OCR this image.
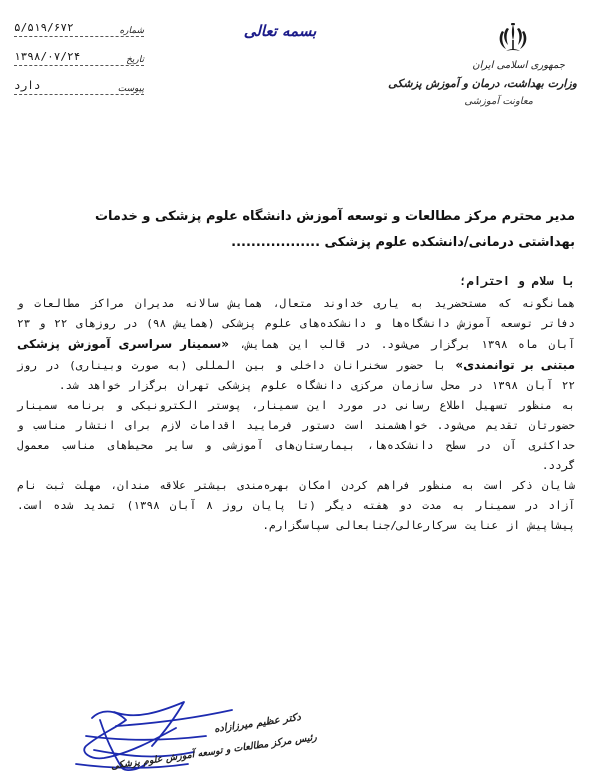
شماره
۵/۵۱۹/۶۷۲
تاریخ
۱۳۹۸/۰۷/۲۴
پیوست
دارد
بسمه تعالی
جمهوری اسلامی ایران
وزارت بهداشت، درمان و آموزش پزشکی
معاونت آموزشی
مدیر محترم مرکز مطالعات و توسعه آموزش دانشگاه علوم پزشکی و خدمات
بهداشتی درمانی/دانشکده علوم پزشکی ..................
با سلام و احترام؛

همانگونه که مستحضرید به یاری خداوند متعال، همایش سالانه مدیران مراکز مطالعات و دفاتر توسعه آموزش دانشگاه‌ها و دانشکده‌های علوم پزشکی (همایش ۹۸) در روزهای ۲۲ و ۲۳ آبان ماه ۱۳۹۸ برگزار می‌شود. در قالب این همایش، «سمینار سراسری آموزش پزشکی مبتنی بر توانمندی» با حضور سخنرانان داخلی و بین المللی (به صورت وبیناری) در روز ۲۲ آبان ۱۳۹۸ در محل سازمان مرکزی دانشگاه علوم پزشکی تهران برگزار خواهد شد.

به منظور تسهیل اطلاع رسانی در مورد این سمینار، پوستر الکترونیکی و برنامه سمینار حضورتان تقدیم می‌شود. خواهشمند است دستور فرمایید اقدامات لازم برای انتشار مناسب و حداکثری آن در سطح دانشکده‌ها، بیمارستان‌های آموزشی و سایر محیط‌های مناسب معمول گردد.

شایان ذکر است به منظور فراهم کردن امکان بهره‌مندی بیشتر علاقه مندان، مهلت ثبت نام آزاد در سمینار به مدت دو هفته دیگر (تا پایان روز ۸ آبان ۱۳۹۸) تمدید شده است. پیشاپیش از عنایت سرکارعالی/جنابعالی سپاسگزارم.

دکتر عظیم میرزازاده
رئیس مرکز مطالعات و توسعه آموزش علوم پزشکی
